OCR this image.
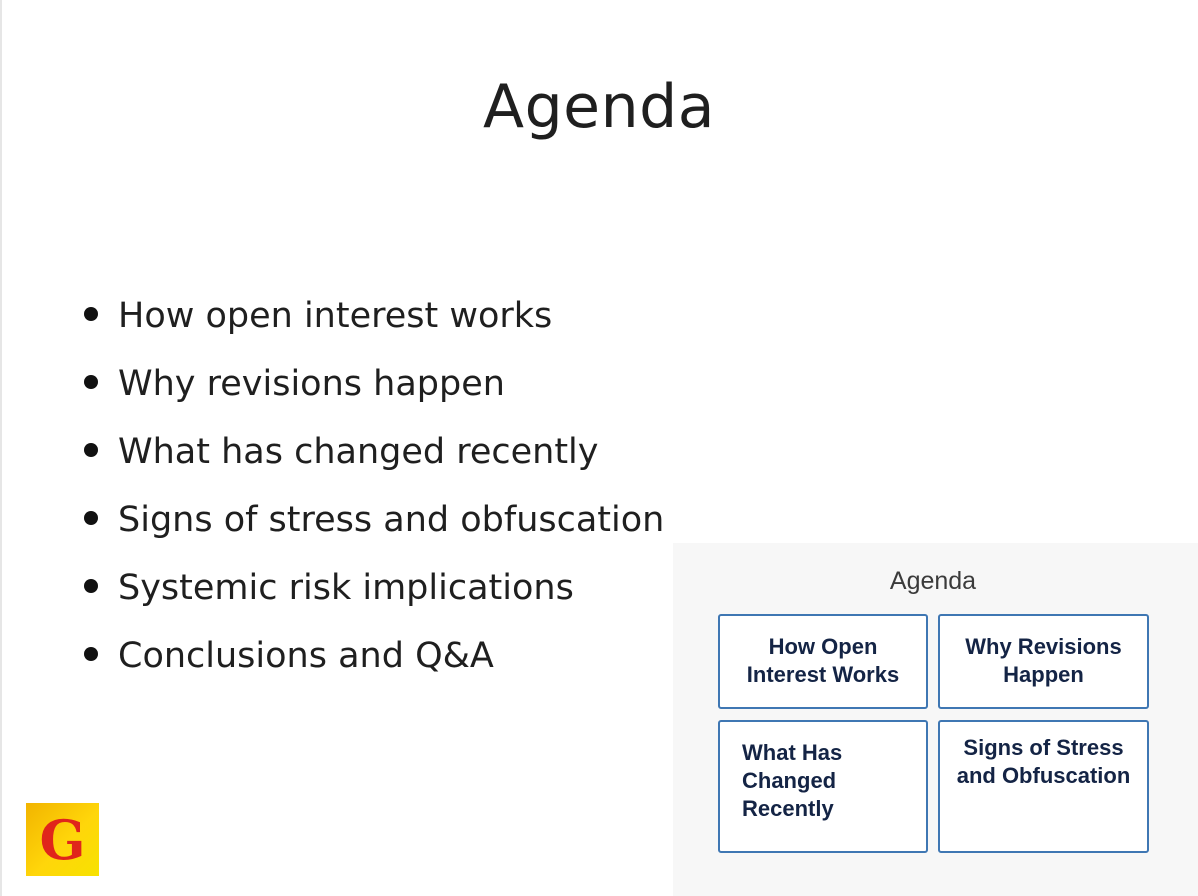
Agenda
How open interest works
Why revisions happen
What has changed recently
Signs of stress and obfuscation
Systemic risk implications
Conclusions and Q&A
Agenda
How Open
Interest Works
Why Revisions
Happen
What Has
Changed
Recently
Signs of Stress
and Obfuscation
G
